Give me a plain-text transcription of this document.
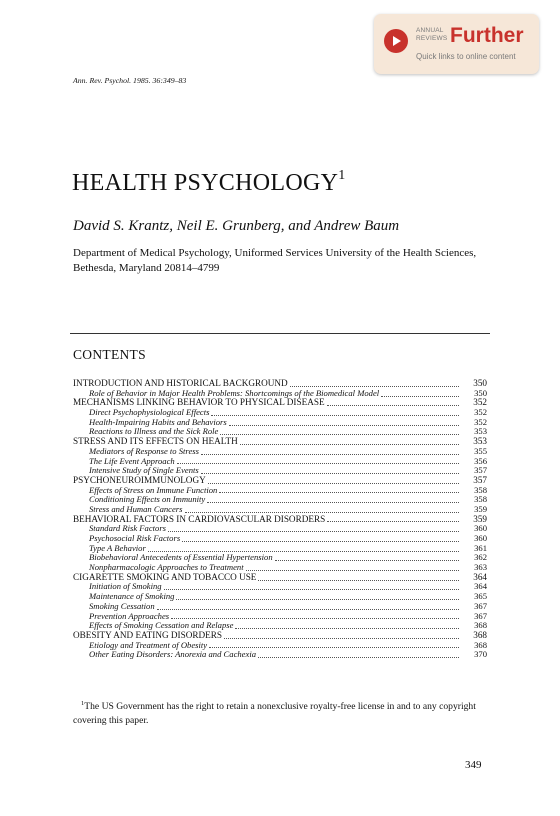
ANNUAL
REVIEWS Further
Quick links to online content
Ann. Rev. Psychol. 1985. 36:349–83
HEALTH PSYCHOLOGY$^1$
David S. Krantz, Neil E. Grunberg, and Andrew Baum
Department of Medical Psychology, Uniformed Services University of the Health Sciences, Bethesda, Maryland 20814–4799
CONTENTS
INTRODUCTION AND HISTORICAL BACKGROUND	350
Role of Behavior in Major Health Problems: Shortcomings of the Biomedical Model	350
MECHANISMS LINKING BEHAVIOR TO PHYSICAL DISEASE	352
Direct Psychophysiological Effects	352
Health-Impairing Habits and Behaviors	352
Reactions to Illness and the Sick Role	353
STRESS AND ITS EFFECTS ON HEALTH	353
Mediators of Response to Stress	355
The Life Event Approach	356
Intensive Study of Single Events	357
PSYCHONEUROIMMUNOLOGY	357
Effects of Stress on Immune Function	358
Conditioning Effects on Immunity	358
Stress and Human Cancers	359
BEHAVIORAL FACTORS IN CARDIOVASCULAR DISORDERS	359
Standard Risk Factors	360
Psychosocial Risk Factors	360
Type A Behavior	361
Biobehavioral Antecedents of Essential Hypertension	362
Nonpharmacologic Approaches to Treatment	363
CIGARETTE SMOKING AND TOBACCO USE	364
Initiation of Smoking	364
Maintenance of Smoking	365
Smoking Cessation	367
Prevention Approaches	367
Effects of Smoking Cessation and Relapse	368
OBESITY AND EATING DISORDERS	368
Etiology and Treatment of Obesity	368
Other Eating Disorders: Anorexia and Cachexia	370
$^1$The US Government has the right to retain a nonexclusive royalty-free license in and to any copyright covering this paper.
349
